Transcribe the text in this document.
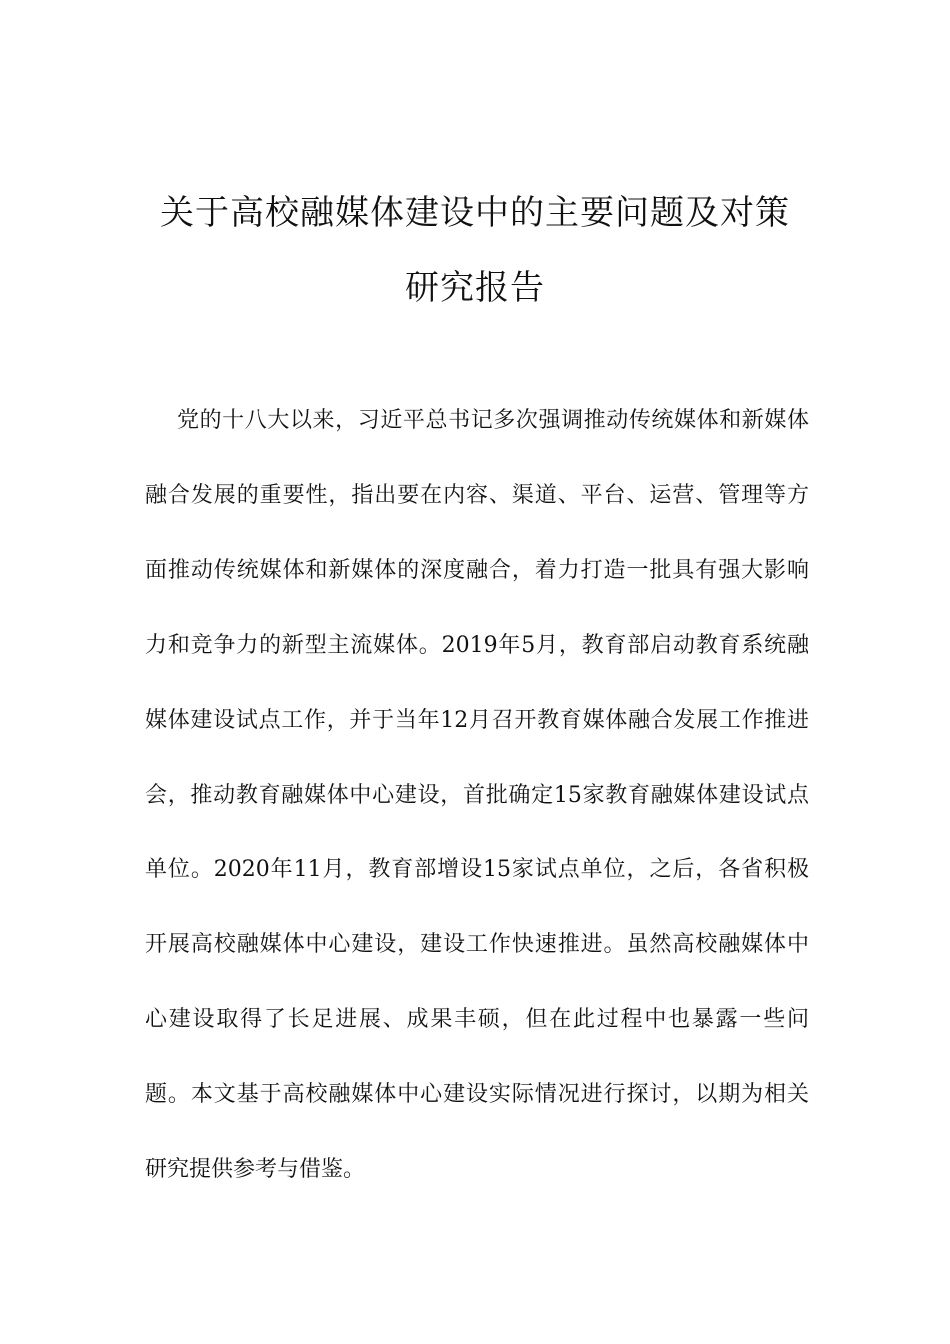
关于高校融媒体建设中的主要问题及对策
研究报告
党的十八大以来，习近平总书记多次强调推动传统媒体和新媒体
融合发展的重要性，指出要在内容、渠道、平台、运营、管理等方
面推动传统媒体和新媒体的深度融合，着力打造一批具有强大影响
力和竞争力的新型主流媒体。2019年5月，教育部启动教育系统融
媒体建设试点工作，并于当年12月召开教育媒体融合发展工作推进
会，推动教育融媒体中心建设，首批确定15家教育融媒体建设试点
单位。2020年11月，教育部增设15家试点单位，之后，各省积极
开展高校融媒体中心建设，建设工作快速推进。虽然高校融媒体中
心建设取得了长足进展、成果丰硕，但在此过程中也暴露一些问
题。本文基于高校融媒体中心建设实际情况进行探讨，以期为相关
研究提供参考与借鉴。
